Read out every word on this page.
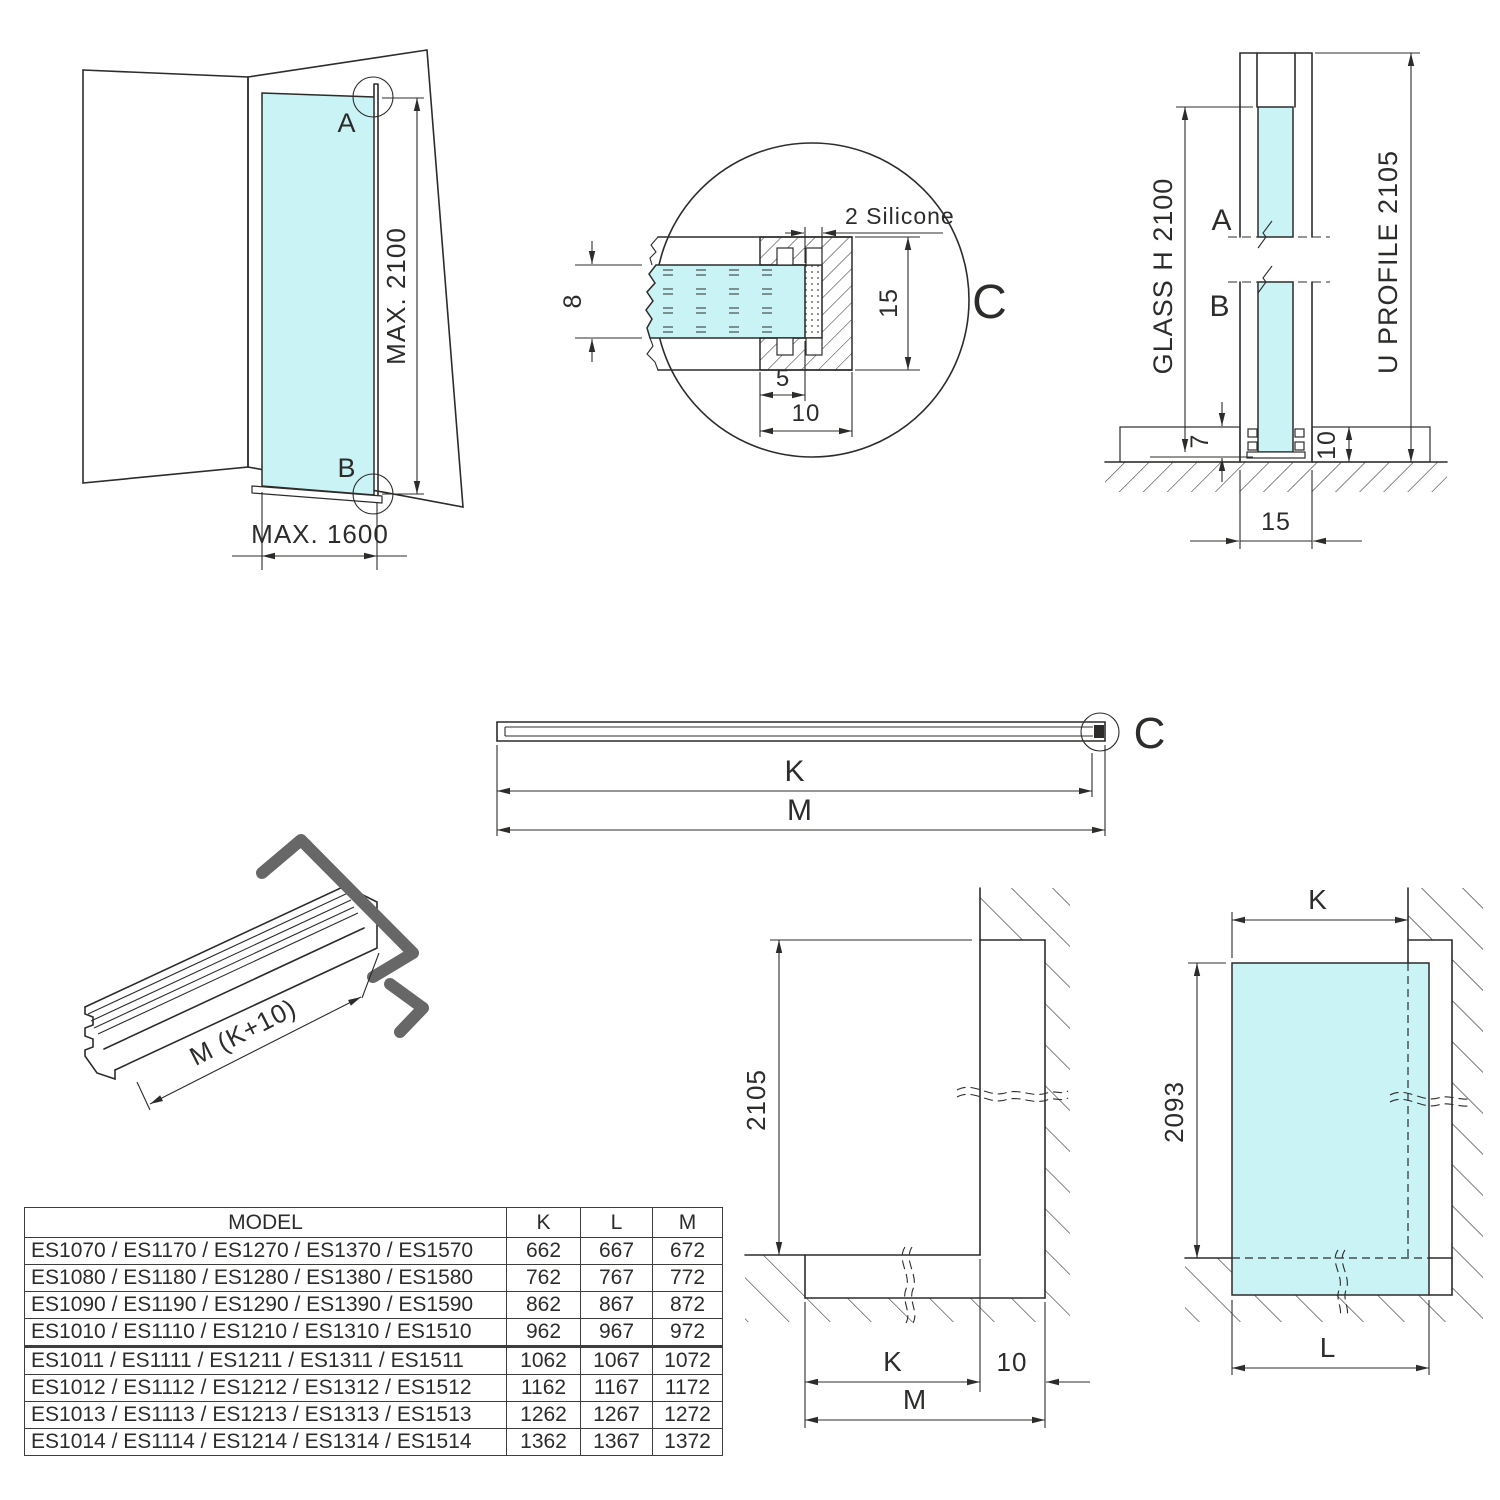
A
B
MAX. 2100
MAX. 1600
C
8	15
5
10
2 Silicone	A
B
GLASS H 2100	U PROFILE 2105
7	10
15
C
K
M
M (K+10)
2105
K	10
M
K
2093
L
MODEL	K	L	M
ES1070 / ES1170 / ES1270 / ES1370 / ES1570	662	667	672
ES1080 / ES1180 / ES1280 / ES1380 / ES1580	762	767	772
ES1090 / ES1190 / ES1290 / ES1390 / ES1590	862	867	872
ES1010 / ES1110 / ES1210 / ES1310 / ES1510	962	967	972
ES1011 / ES1111 / ES1211 / ES1311 / ES1511	1062	1067	1072
ES1012 / ES1112 / ES1212 / ES1312 / ES1512	1162	1167	1172
ES1013 / ES1113 / ES1213 / ES1313 / ES1513	1262	1267	1272
ES1014 / ES1114 / ES1214 / ES1314 / ES1514	1362	1367	1372
